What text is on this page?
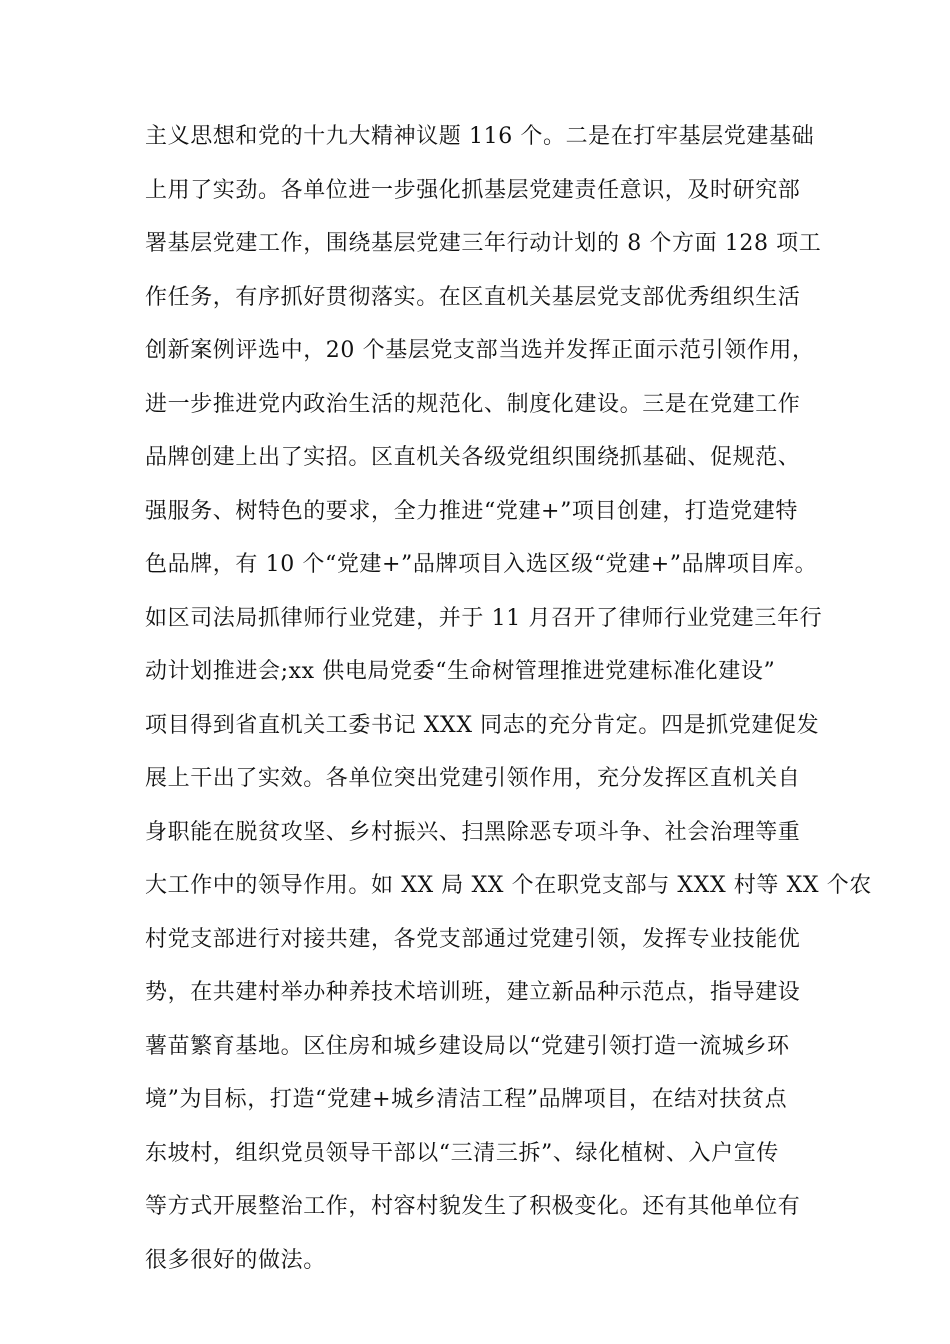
主义思想和党的十九大精神议题 116 个。二是在打牢基层党建基础
上用了实劲。各单位进一步强化抓基层党建责任意识，及时研究部
署基层党建工作，围绕基层党建三年行动计划的 8 个方面 128 项工
作任务，有序抓好贯彻落实。在区直机关基层党支部优秀组织生活
创新案例评选中，20 个基层党支部当选并发挥正面示范引领作用，
进一步推进党内政治生活的规范化、制度化建设。三是在党建工作
品牌创建上出了实招。区直机关各级党组织围绕抓基础、促规范、
强服务、树特色的要求，全力推进“党建+”项目创建，打造党建特
色品牌，有 10 个“党建+”品牌项目入选区级“党建+”品牌项目库。
如区司法局抓律师行业党建，并于 11 月召开了律师行业党建三年行
动计划推进会;xx 供电局党委“生命树管理推进党建标准化建设”
项目得到省直机关工委书记 XXX 同志的充分肯定。四是抓党建促发
展上干出了实效。各单位突出党建引领作用，充分发挥区直机关自
身职能在脱贫攻坚、乡村振兴、扫黑除恶专项斗争、社会治理等重
大工作中的领导作用。如 XX 局 XX 个在职党支部与 XXX 村等 XX 个农
村党支部进行对接共建，各党支部通过党建引领，发挥专业技能优
势，在共建村举办种养技术培训班，建立新品种示范点，指导建设
薯苗繁育基地。区住房和城乡建设局以“党建引领打造一流城乡环
境”为目标，打造“党建+城乡清洁工程”品牌项目，在结对扶贫点
东坡村，组织党员领导干部以“三清三拆”、绿化植树、入户宣传
等方式开展整治工作，村容村貌发生了积极变化。还有其他单位有
很多很好的做法。
